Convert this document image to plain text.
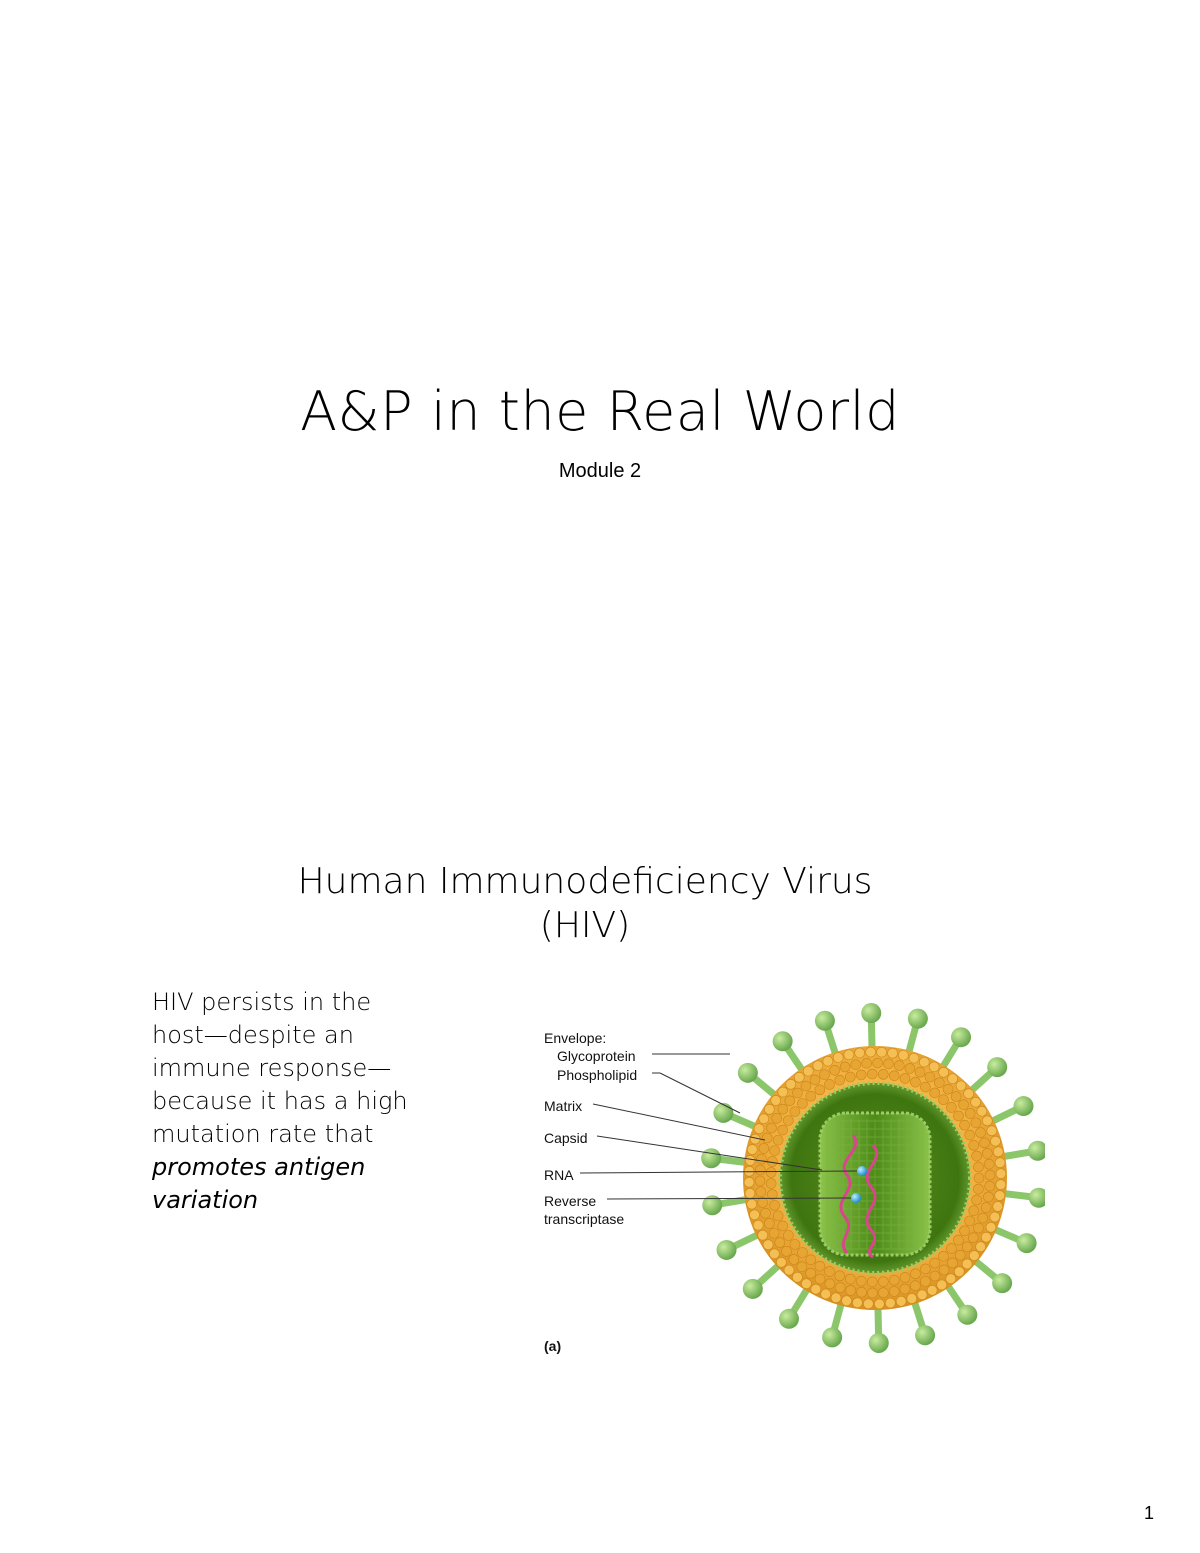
A&P in the Real World

Module 2

Human Immunodeficiency Virus
(HIV)
HIV persists in the
host—despite an
immune response—
because it has a high
mutation rate that
promotes antigen
variation
Envelope:
Glycoprotein
Phospholipid
Matrix
Capsid
RNA
Reverse
transcriptase
(a)
1
